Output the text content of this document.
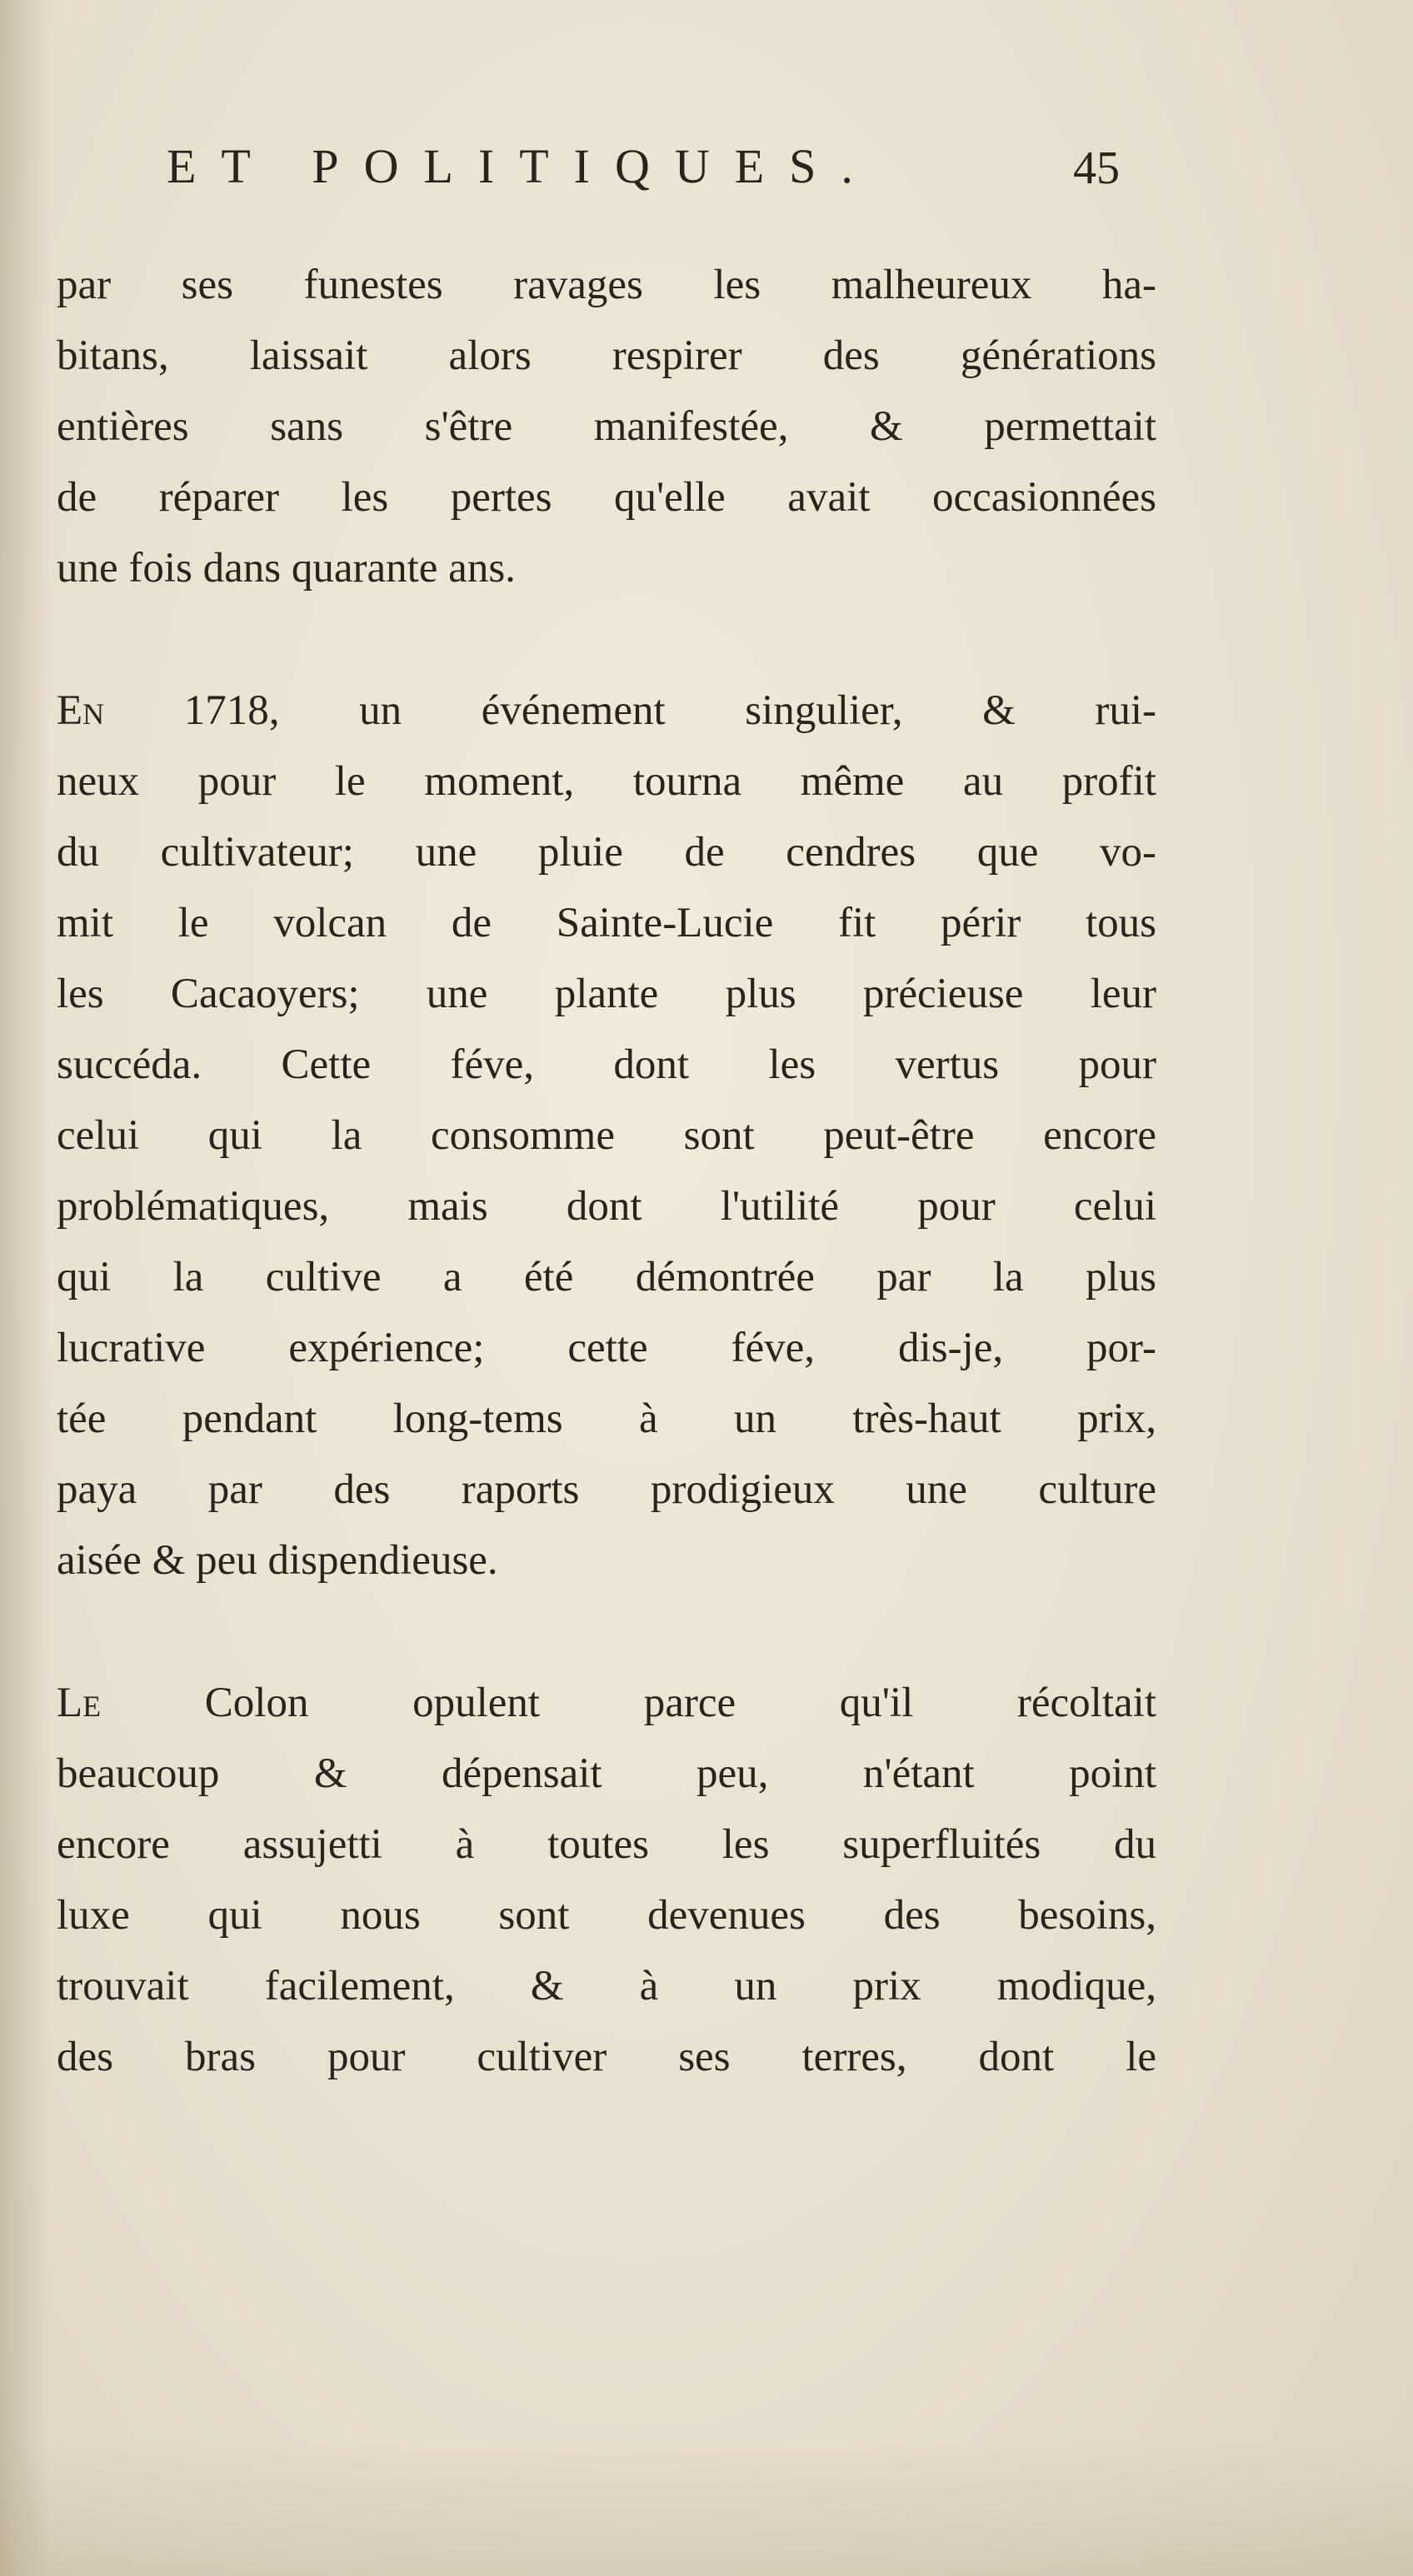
ET POLITIQUES.	45

par ses funestes ravages les malheureux ha-
bitans, laissait alors respirer des générations
entières sans s'être manifestée, & permettait
de réparer les pertes qu'elle avait occasionnées
une fois dans quarante ans.

En 1718, un événement singulier, & rui-
neux pour le moment, tourna même au profit
du cultivateur; une pluie de cendres que vo-
mit le volcan de Sainte-Lucie fit périr tous
les Cacaoyers; une plante plus précieuse leur
succéda. Cette féve, dont les vertus pour
celui qui la consomme sont peut-être encore
problématiques, mais dont l'utilité pour celui
qui la cultive a été démontrée par la plus
lucrative expérience; cette féve, dis-je, por-
tée pendant long-tems à un très-haut prix,
paya par des raports prodigieux une culture
aisée & peu dispendieuse.

Le Colon opulent parce qu'il récoltait
beaucoup & dépensait peu, n'étant point
encore assujetti à toutes les superfluités du
luxe qui nous sont devenues des besoins,
trouvait facilement, & à un prix modique,
des bras pour cultiver ses terres, dont le
